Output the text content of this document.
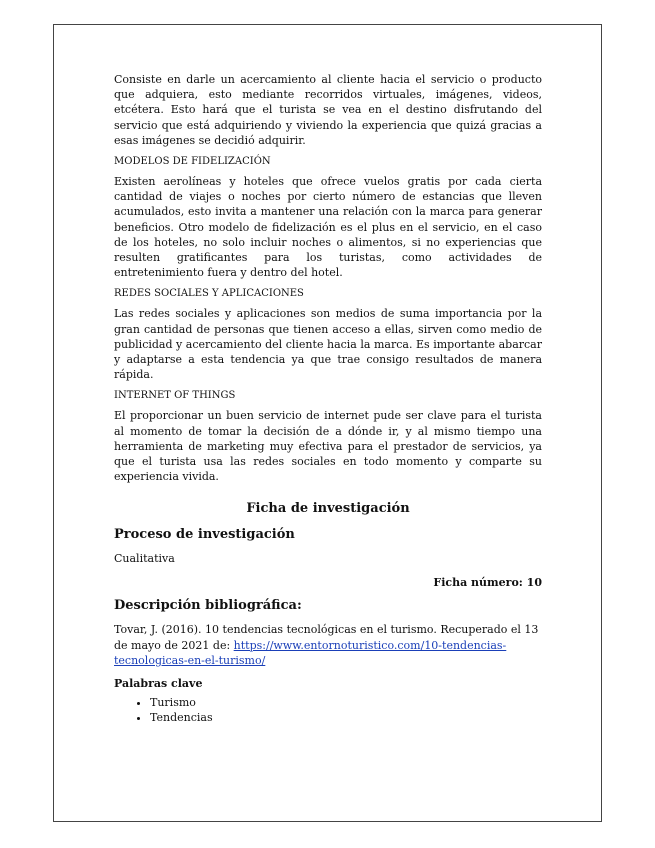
Consiste en darle un acercamiento al cliente hacia el servicio o producto que adquiera, esto mediante recorridos virtuales, imágenes, videos, etcétera. Esto hará que el turista se vea en el destino disfrutando del servicio que está adquiriendo y viviendo la experiencia que quizá gracias a esas imágenes se decidió adquirir.

MODELOS DE FIDELIZACIÓN

Existen aerolíneas y hoteles que ofrece vuelos gratis por cada cierta cantidad de viajes o noches por cierto número de estancias que lleven acumulados, esto invita a mantener una relación con la marca para generar beneficios. Otro modelo de fidelización es el plus en el servicio, en el caso de los hoteles, no solo incluir noches o alimentos, si no experiencias que resulten gratificantes para los turistas, como actividades de entretenimiento fuera y dentro del hotel.

REDES SOCIALES Y APLICACIONES

Las redes sociales y aplicaciones son medios de suma importancia por la gran cantidad de personas que tienen acceso a ellas, sirven como medio de publicidad y acercamiento del cliente hacia la marca. Es importante abarcar y adaptarse a esta tendencia ya que trae consigo resultados de manera rápida.

INTERNET OF THINGS

El proporcionar un buen servicio de internet pude ser clave para el turista al momento de tomar la decisión de a dónde ir, y al mismo tiempo una herramienta de marketing muy efectiva para el prestador de servicios, ya que el turista usa las redes sociales en todo momento y comparte su experiencia vivida.

Ficha de investigación

Proceso de investigación

Cualitativa

Ficha número: 10

Descripción bibliográfica:

Tovar, J. (2016). 10 tendencias tecnológicas en el turismo. Recuperado el 13 de mayo de 2021 de: https://www.entornoturistico.com/10-tendencias-tecnologicas-en-el-turismo/

Palabras clave

• Turismo
• Tendencias
